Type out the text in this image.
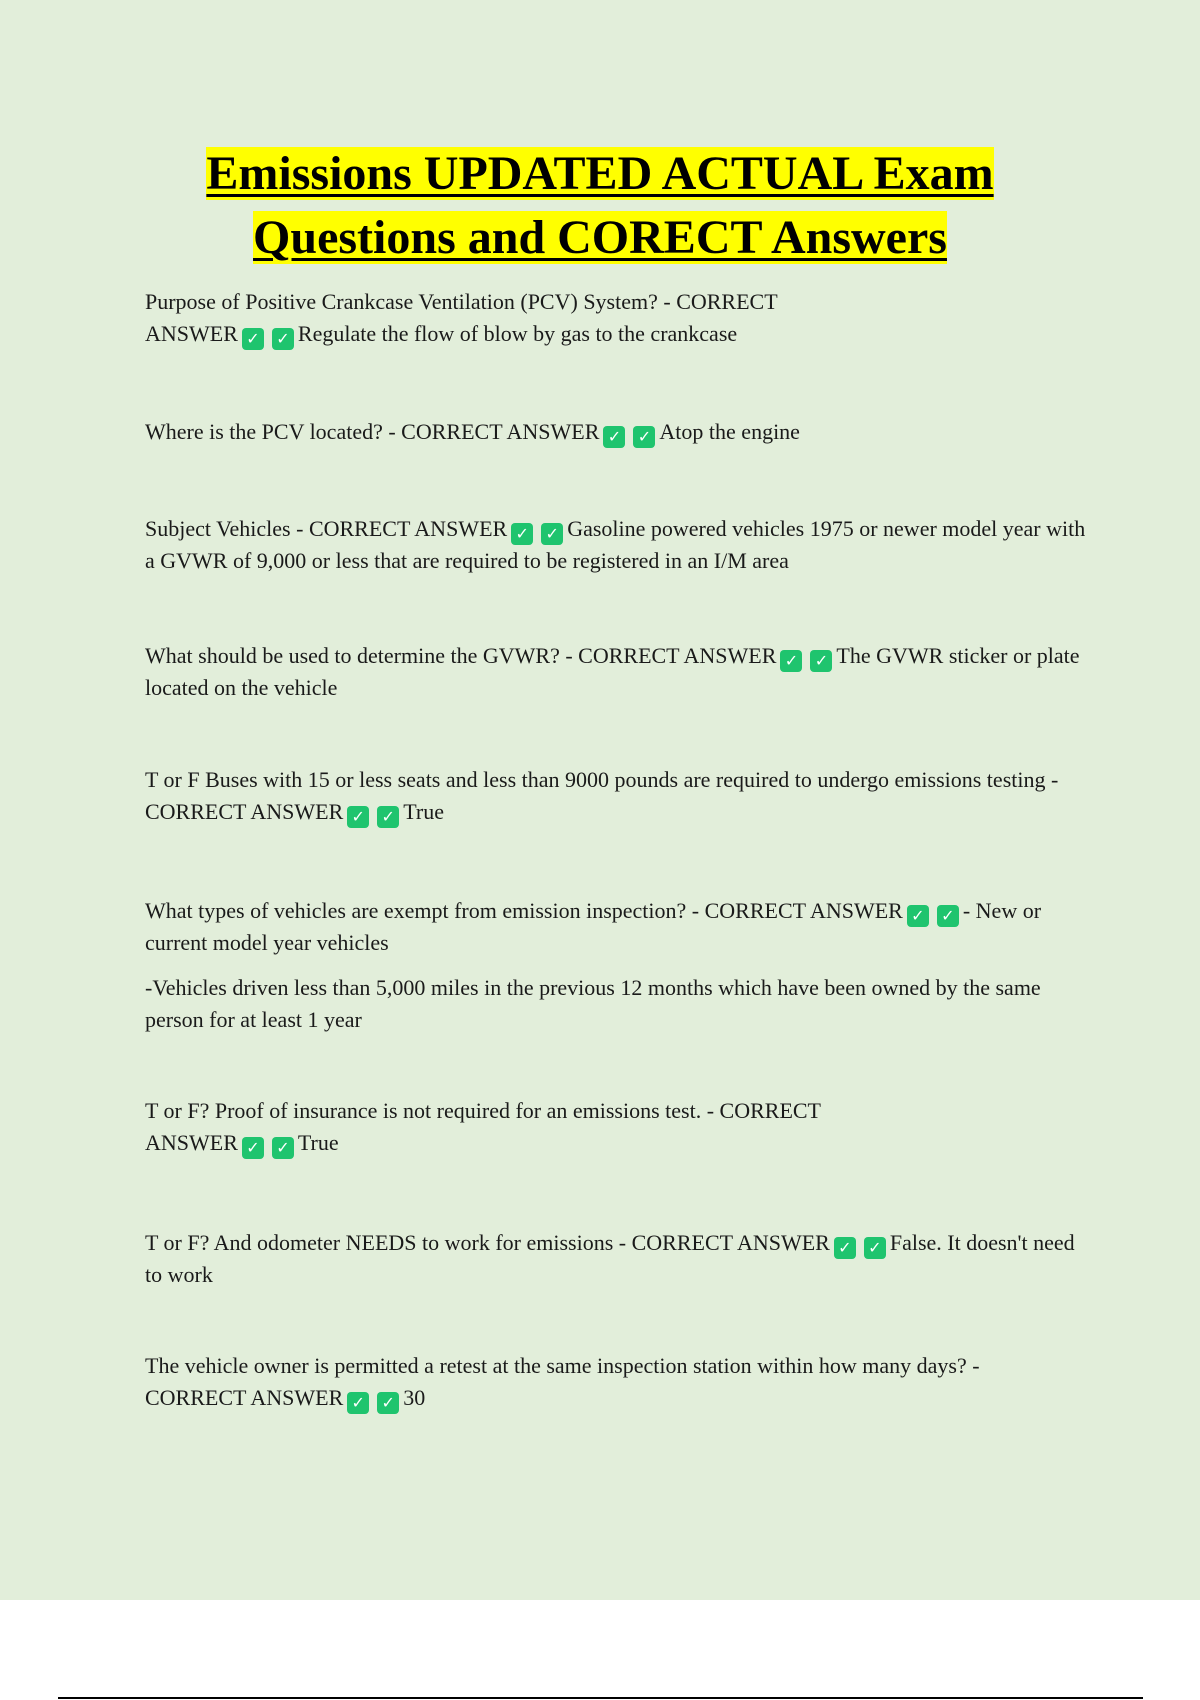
Emissions UPDATED ACTUAL Exam
Questions and CORECT Answers

Purpose of Positive Crankcase Ventilation (PCV) System? - CORRECT
ANSWER ✓ ✓ Regulate the flow of blow by gas to the crankcase

Where is the PCV located? - CORRECT ANSWER ✓ ✓ Atop the engine

Subject Vehicles - CORRECT ANSWER ✓ ✓ Gasoline powered vehicles 1975 or newer model year with a GVWR of 9,000 or less that are required to be registered in an I/M area

What should be used to determine the GVWR? - CORRECT ANSWER ✓ ✓ The GVWR sticker or plate located on the vehicle

T or F Buses with 15 or less seats and less than 9000 pounds are required to undergo emissions testing - CORRECT ANSWER ✓ ✓ True

What types of vehicles are exempt from emission inspection? - CORRECT ANSWER ✓ ✓ - New or current model year vehicles

-Vehicles driven less than 5,000 miles in the previous 12 months which have been owned by the same person for at least 1 year

T or F? Proof of insurance is not required for an emissions test. - CORRECT
ANSWER ✓ ✓ True

T or F? And odometer NEEDS to work for emissions - CORRECT ANSWER ✓ ✓ False. It doesn't need to work

The vehicle owner is permitted a retest at the same inspection station within how many days? -
CORRECT ANSWER ✓ ✓ 30
